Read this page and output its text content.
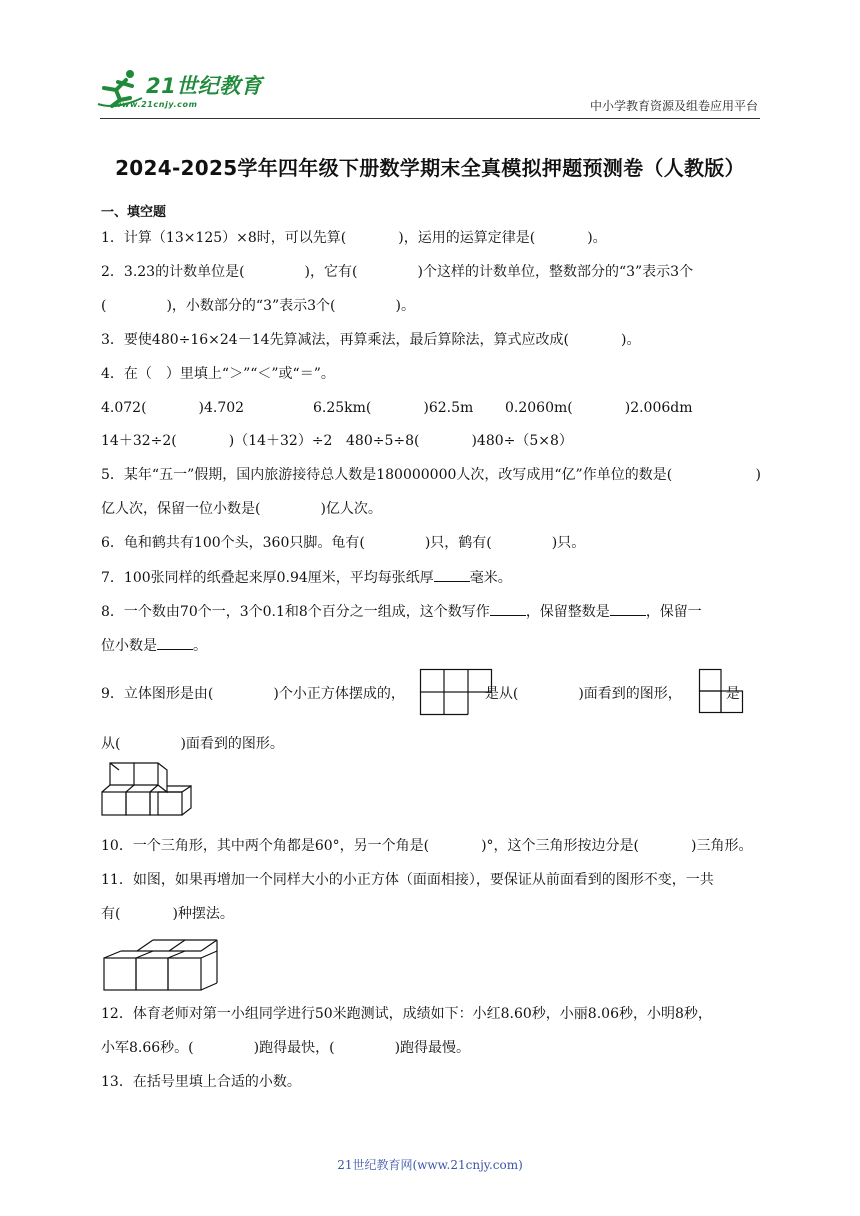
21世纪教育
www.21cnjy.com	中小学教育资源及组卷应用平台
2024-2025学年四年级下册数学期末全真模拟押题预测卷（人教版）
一、填空题
1．计算（13×125）×8时，可以先算(	)，运用的运算定律是(	)。
2．3.23的计数单位是(	)，它有(	)个这样的计数单位，整数部分的“3”表示3个
(	)，小数部分的“3”表示3个(	)。
3．要使480÷16×24－14先算减法，再算乘法，最后算除法，算式应改成(	)。
4．在（　）里填上“＞”“＜”或“＝”。
4.072(	)4.702	6.25km(	)62.5m 0.2060m(	)2.006dm
14＋32÷2(	)（14＋32）÷2 480÷5÷8(	)480÷（5×8）
5．某年“五一”假期，国内旅游接待总人数是180000000人次，改写成用“亿”作单位的数是(	)
亿人次，保留一位小数是(	)亿人次。
6．龟和鹤共有100个头，360只脚。龟有(	)只，鹤有(	)只。
7．100张同样的纸叠起来厚0.94厘米，平均每张纸厚	毫米。
8．一个数由70个一，3个0.1和8个百分之一组成，这个数写作	，保留整数是	，保留一
位小数是	。
9．立体图形是由(	)个小正方体摆成的，	是从(	)面看到的图形，	是
从(	)面看到的图形。
10．一个三角形，其中两个角都是60°，另一个角是(	)°，这个三角形按边分是(	)三角形。
11．如图，如果再增加一个同样大小的小正方体（面面相接），要保证从前面看到的图形不变，一共
有(	)种摆法。
12．体育老师对第一小组同学进行50米跑测试，成绩如下：小红8.60秒，小丽8.06秒，小明8秒，
小军8.66秒。(	)跑得最快，(	)跑得最慢。
13．在括号里填上合适的小数。
21世纪教育网(www.21cnjy.com)
